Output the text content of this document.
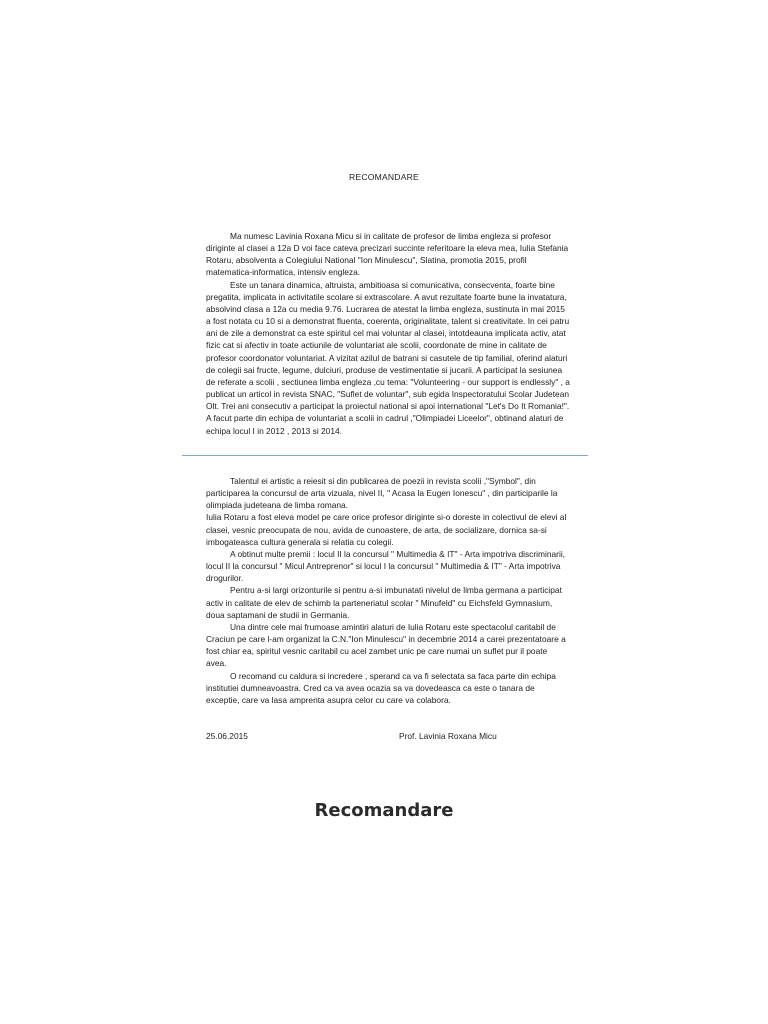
RECOMANDARE

Ma numesc Lavinia Roxana Micu si in calitate de profesor de limba engleza si profesor diriginte al clasei a 12a D voi face cateva precizari succinte referitoare la eleva mea, Iulia Stefania Rotaru, absolventa a Colegiului National "Ion Minulescu", Slatina, promotia 2015, profil matematica-informatica, intensiv engleza.

Este un tanara dinamica, altruista, ambitioasa si comunicativa, consecventa, foarte bine pregatita, implicata in activitatile scolare si extrascolare. A avut rezultate foarte bune la invatatura, absolvind clasa a 12a cu media 9.76. Lucrarea de atestat la limba engleza, sustinuta in mai 2015 a fost notata cu 10 si a demonstrat fluenta, coerenta, originalitate, talent si creativitate. In cei patru ani de zile a demonstrat ca este spiritul cel mai voluntar al clasei, intotdeauna implicata activ, atat fizic cat si afectiv in toate actiunile de voluntariat ale scolii, coordonate de mine in calitate de profesor coordonator voluntariat. A vizitat azilul de batrani si casutele de tip familial, oferind alaturi de colegii sai fructe, legume, dulciuri, produse de vestimentatie si jucarii. A participat la sesiunea de referate a scolii , sectiunea limba engleza ,cu tema: "Volunteering - our support is endlessly" , a publicat un articol in revista SNAC, "Suflet de voluntar", sub egida Inspectoratului Scolar Judetean Olt. Trei ani consecutiv a participat la proiectul national si apoi international "Let's Do It Romania!". A facut parte din echipa de voluntariat a scolii in cadrul ,"Olimpiadei Liceelor", obtinand alaturi de echipa locul I in 2012 , 2013 si 2014.

Talentul ei artistic a reiesit si din publicarea de poezii in revista scolii ,"Symbol", din participarea la concursul de arta vizuala, nivel II, " Acasa la Eugen Ionescu" , din participarile la olimpiada judeteana de limba romana.

Iulia Rotaru a fost eleva model pe care orice profesor diriginte si-o doreste in colectivul de elevi al clasei, vesnic preocupata de nou, avida de cunoastere, de arta, de socializare, dornica sa-si imbogateasca cultura generala si relatia cu colegii.

A obtinut multe premii : locul II la concursul " Multimedia & IT" - Arta impotriva discriminarii, locul II la concursul " Micul Antreprenor" si locul I la concursul " Multimedia & IT" - Arta impotriva drogurilor.

Pentru a-si largi orizonturile si pentru a-si imbunatati nivelul de limba germana a participat activ in calitate de elev de schimb la parteneriatul scolar " Minufeld" cu Eichsfeld Gymnasium, doua saptamani de studii in Germania.

Una dintre cele mai frumoase amintiri alaturi de Iulia Rotaru este spectacolul caritabil de Craciun pe care l-am organizat la C.N."Ion Minulescu" in decembrie 2014 a carei prezentatoare a fost chiar ea, spiritul vesnic caritabil cu acel zambet unic pe care numai un suflet pur il poate avea.

O recomand cu caldura si incredere , sperand ca va fi selectata sa faca parte din echipa institutiei dumneavoastra. Cred ca va avea ocazia sa va dovedeasca ca este o tanara de exceptie, care va lasa amprenta asupra celor cu care va colabora.

25.06.2015	Prof. Lavinia Roxana Micu
Recomandare
